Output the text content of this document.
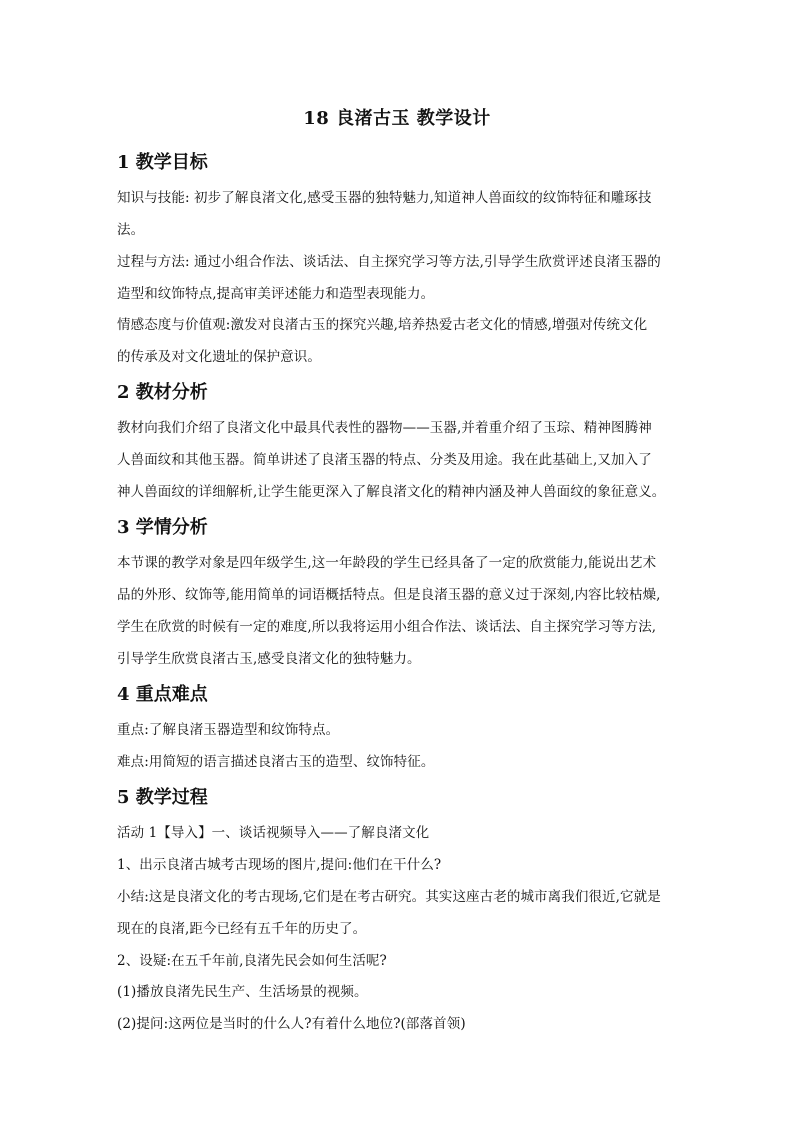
18 良渚古玉 教学设计
1 教学目标
知识与技能: 初步了解良渚文化,感受玉器的独特魅力,知道神人兽面纹的纹饰特征和雕琢技
法。
过程与方法: 通过小组合作法、谈话法、自主探究学习等方法,引导学生欣赏评述良渚玉器的
造型和纹饰特点,提高审美评述能力和造型表现能力。
情感态度与价值观:激发对良渚古玉的探究兴趣,培养热爱古老文化的情感,增强对传统文化
的传承及对文化遗址的保护意识。
2 教材分析
教材向我们介绍了良渚文化中最具代表性的器物——玉器,并着重介绍了玉琮、精神图腾神
人兽面纹和其他玉器。简单讲述了良渚玉器的特点、分类及用途。我在此基础上,又加入了
神人兽面纹的详细解析,让学生能更深入了解良渚文化的精神内涵及神人兽面纹的象征意义。
3 学情分析
本节课的教学对象是四年级学生,这一年龄段的学生已经具备了一定的欣赏能力,能说出艺术
品的外形、纹饰等,能用简单的词语概括特点。但是良渚玉器的意义过于深刻,内容比较枯燥,
学生在欣赏的时候有一定的难度,所以我将运用小组合作法、谈话法、自主探究学习等方法,
引导学生欣赏良渚古玉,感受良渚文化的独特魅力。
4 重点难点
重点:了解良渚玉器造型和纹饰特点。
难点:用简短的语言描述良渚古玉的造型、纹饰特征。
5 教学过程
活动 1【导入】一、谈话视频导入——了解良渚文化
1、出示良渚古城考古现场的图片,提问:他们在干什么?
小结:这是良渚文化的考古现场,它们是在考古研究。其实这座古老的城市离我们很近,它就是
现在的良渚,距今已经有五千年的历史了。
2、设疑:在五千年前,良渚先民会如何生活呢?
(1)播放良渚先民生产、生活场景的视频。
(2)提问:这两位是当时的什么人?有着什么地位?(部落首领)
